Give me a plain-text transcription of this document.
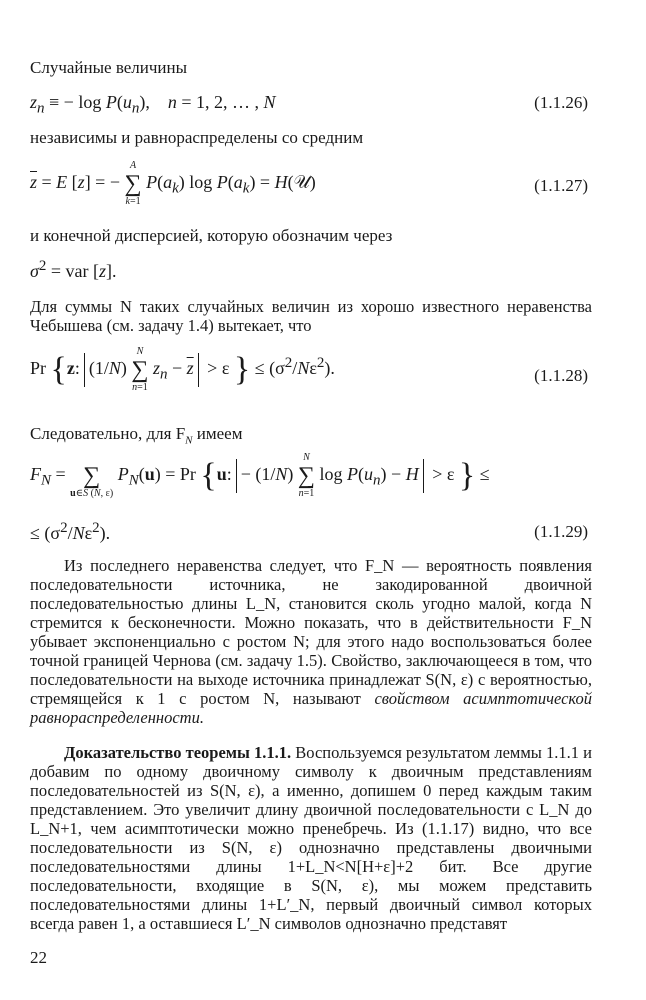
Случайные величины
$z_n$ ≡ − $\log P(u_n)$,    n = 1, 2, … , N	(1.1.26)
независимы и равнораспределены со средним
$\overline{z} = E$ [z] = −
A
∑
k=1
$P(a_k)$ $\log P(a_k)$ = H(𝒰)	(1.1.27)
и конечной дисперсией, которую обозначим через
$\sigma^2$ = var [z].
Для суммы N таких случайных величин из хорошо известного неравенства Чебышева (см. задачу 1.4) вытекает, что
Pr {z: (1/N)
N
∑
n=1
$z_n - \overline{z} > \varepsilon$ } ≤ $(\sigma^2/N\varepsilon^2)$.	(1.1.28)
Следовательно, для $F_N$ имеем
$F_N$ =
∑
u∈S (N, ε)
$P_N(u) = Pr$ {u: − (1/N)
N
∑
n=1
$\log P(u_n) - H > \varepsilon$ } ≤
≤ $(\sigma^2/N\varepsilon^2)$.	(1.1.29)
Из последнего неравенства следует, что F_N — вероятность появления последовательности источника, не закодированной двоичной последовательностью длины L_N, становится сколь угодно малой, когда N стремится к бесконечности. Можно показать, что в действительности F_N убывает экспоненциально с ростом N; для этого надо воспользоваться более точной границей Чернова (см. задачу 1.5). Свойство, заключающееся в том, что последовательности на выходе источника принадлежат S(N, ε) с вероятностью, стремящейся к 1 с ростом N, называют свойством асимптотической равнораспределенности.
Доказательство теоремы 1.1.1. Воспользуемся результатом леммы 1.1.1 и добавим по одному двоичному символу к двоичным представлениям последовательностей из S(N, ε), а именно, допишем 0 перед каждым таким представлением. Это увеличит длину двоичной последовательности с L_N до L_N+1, чем асимптотически можно пренебречь. Из (1.1.17) видно, что все последовательности из S(N, ε) однозначно представлены двоичными последовательностями длины 1+L_N<N[H+ε]+2 бит. Все другие последовательности, входящие в S(N, ε), мы можем представить последовательностями длины 1+L′_N, первый двоичный символ которых всегда равен 1, а оставшиеся L′_N символов однозначно представят
22
